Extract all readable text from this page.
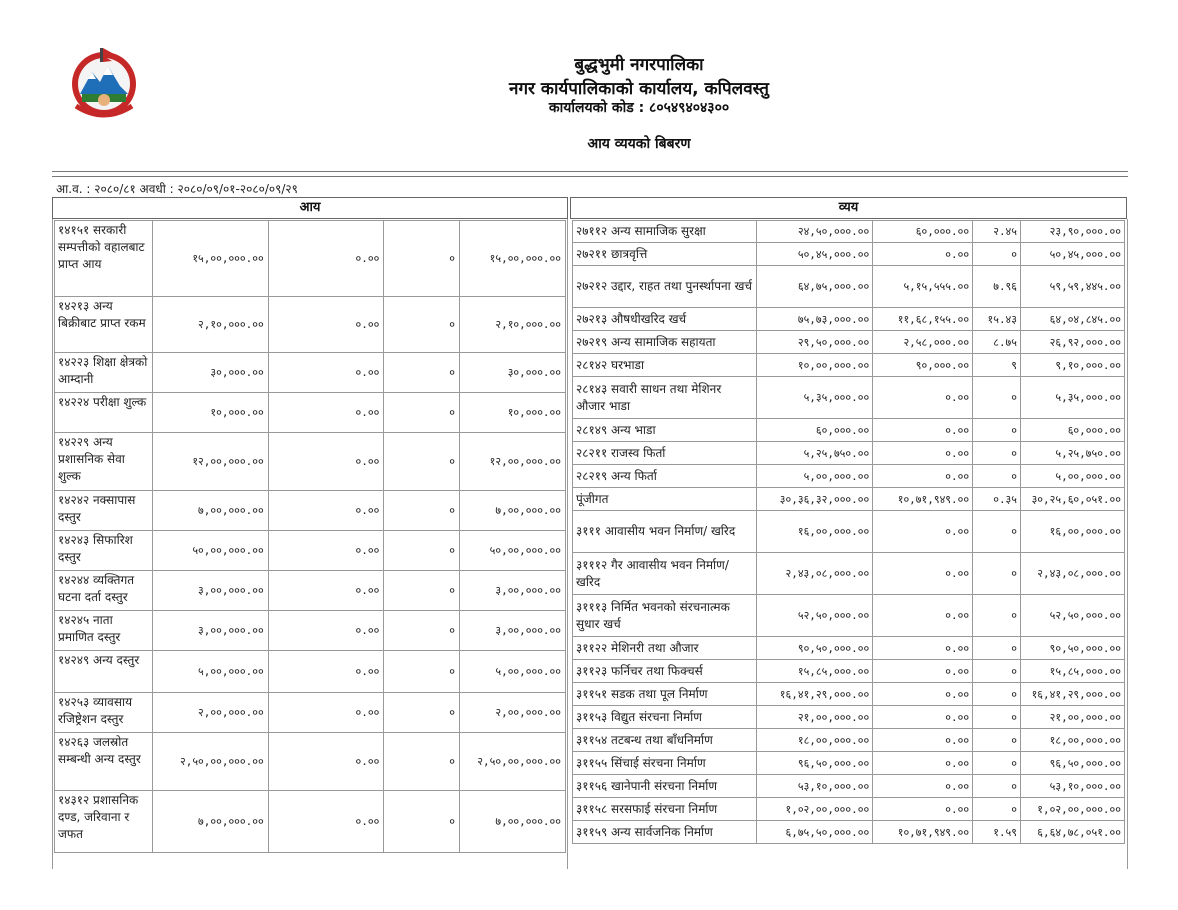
बुद्धभुमी नगरपालिका
नगर कार्यपालिकाको कार्यालय, कपिलवस्तु
कार्यालयको कोड : ८०५४९४०४३००
आय व्ययको बिबरण
आ.व. : २०८०/८१ अवधी : २०८०/०९/०१-२०८०/०९/२९
आय	व्यय
१४१५१ सरकारी सम्पत्तीको वहालबाट प्राप्त आय	१५,००,०००.००	०.००	०	१५,००,०००.००
१४२१३ अन्य बिक्रीबाट प्राप्त रकम	२,१०,०००.००	०.००	०	२,१०,०००.००
१४२२३ शिक्षा क्षेत्रको आम्दानी	३०,०००.००	०.००	०	३०,०००.००
१४२२४ परीक्षा शुल्क	१०,०००.००	०.००	०	१०,०००.००
१४२२९ अन्य प्रशासनिक सेवा शुल्क	१२,००,०००.००	०.००	०	१२,००,०००.००
१४२४२ नक्सापास दस्तुर	७,००,०००.००	०.००	०	७,००,०००.००
१४२४३ सिफारिश दस्तुर	५०,००,०००.००	०.००	०	५०,००,०००.००
१४२४४ व्यक्तिगत घटना दर्ता दस्तुर	३,००,०००.००	०.००	०	३,००,०००.००
१४२४५ नाता प्रमाणित दस्तुर	३,००,०००.००	०.००	०	३,००,०००.००
१४२४९ अन्य दस्तुर	५,००,०००.००	०.००	०	५,००,०००.००
१४२५३ व्यावसाय रजिष्ट्रेशन दस्तुर	२,००,०००.००	०.००	०	२,००,०००.००
१४२६३ जलस्रोत सम्बन्धी अन्य दस्तुर	२,५०,००,०००.००	०.००	०	२,५०,००,०००.००
१४३१२ प्रशासनिक दण्ड, जरिवाना र जफत	७,००,०००.००	०.००	०	७,००,०००.००
२७११२ अन्य सामाजिक सुरक्षा	२४,५०,०००.००	६०,०००.००	२.४५	२३,९०,०००.००
२७२११ छात्रवृत्ति	५०,४५,०००.००	०.००	०	५०,४५,०००.००
२७२१२ उद्दार, राहत तथा पुनर्स्थापना खर्च	६४,७५,०००.००	५,१५,५५५.००	७.९६	५९,५९,४४५.००
२७२१३ औषधीखरिद खर्च	७५,७३,०००.००	११,६८,१५५.००	१५.४३	६४,०४,८४५.००
२७२१९ अन्य सामाजिक सहायता	२९,५०,०००.००	२,५८,०००.००	८.७५	२६,९२,०००.००
२८१४२ घरभाडा	१०,००,०००.००	९०,०००.००	९	९,१०,०००.००
२८१४३ सवारी साधन तथा मेशिनर औजार भाडा	५,३५,०००.००	०.००	०	५,३५,०००.००
२८१४९ अन्य भाडा	६०,०००.००	०.००	०	६०,०००.००
२८२११ राजस्व फिर्ता	५,२५,७५०.००	०.००	०	५,२५,७५०.००
२८२१९ अन्य फिर्ता	५,००,०००.००	०.००	०	५,००,०००.००
पूंजीगत	३०,३६,३२,०००.००	१०,७१,९४९.००	०.३५	३०,२५,६०,०५१.००
३१११ आवासीय भवन निर्माण/ खरिद	१६,००,०००.००	०.००	०	१६,००,०००.००
३१११२ गैर आवासीय भवन निर्माण/ खरिद	२,४३,०८,०००.००	०.००	०	२,४३,०८,०००.००
३१११३ निर्मित भवनको संरचनात्मक सुधार खर्च	५२,५०,०००.००	०.००	०	५२,५०,०००.००
३११२२ मेशिनरी तथा औजार	९०,५०,०००.००	०.००	०	९०,५०,०००.००
३११२३ फर्निचर तथा फिक्चर्स	१५,८५,०००.००	०.००	०	१५,८५,०००.००
३११५१ सडक तथा पूल निर्माण	१६,४१,२९,०००.००	०.००	०	१६,४१,२९,०००.००
३११५३ विद्युत संरचना निर्माण	२१,००,०००.००	०.००	०	२१,००,०००.००
३११५४ तटबन्ध तथा बाँधनिर्माण	१८,००,०००.००	०.००	०	१८,००,०००.००
३११५५ सिंचाई संरचना निर्माण	९६,५०,०००.००	०.००	०	९६,५०,०००.००
३११५६ खानेपानी संरचना निर्माण	५३,१०,०००.००	०.००	०	५३,१०,०००.००
३११५८ सरसफाई संरचना निर्माण	१,०२,००,०००.००	०.००	०	१,०२,००,०००.००
३११५९ अन्य सार्वजनिक निर्माण	६,७५,५०,०००.००	१०,७१,९४९.००	१.५९	६,६४,७८,०५१.००
